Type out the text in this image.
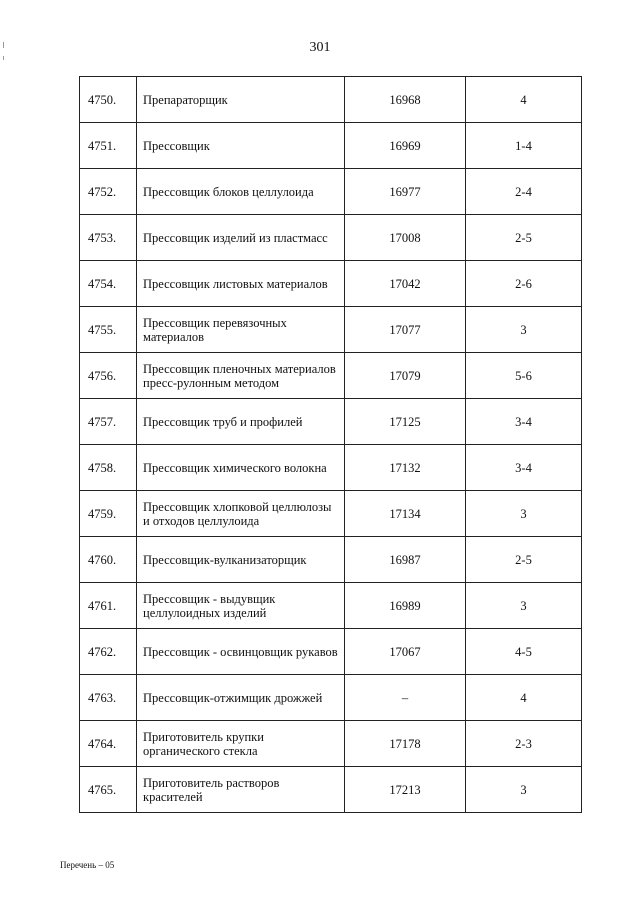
301
4750.	Препараторщик	16968	4
4751.	Прессовщик	16969	1-4
4752.	Прессовщик блоков целлулоида	16977	2-4
4753.	Прессовщик изделий из пластмасс	17008	2-5
4754.	Прессовщик листовых материалов	17042	2-6
4755.	Прессовщик перевязочных материалов	17077	3
4756.	Прессовщик пленочных материалов пресс-рулонным методом	17079	5-6
4757.	Прессовщик труб и профилей	17125	3-4
4758.	Прессовщик химического волокна	17132	3-4
4759.	Прессовщик хлопковой целлюлозы и отходов целлулоида	17134	3
4760.	Прессовщик-вулканизаторщик	16987	2-5
4761.	Прессовщик - выдувщик целлулоидных изделий	16989	3
4762.	Прессовщик - освинцовщик рукавов	17067	4-5
4763.	Прессовщик-отжимщик дрожжей	–	4
4764.	Приготовитель крупки органического стекла	17178	2-3
4765.	Приготовитель растворов красителей	17213	3
Перечень – 05
